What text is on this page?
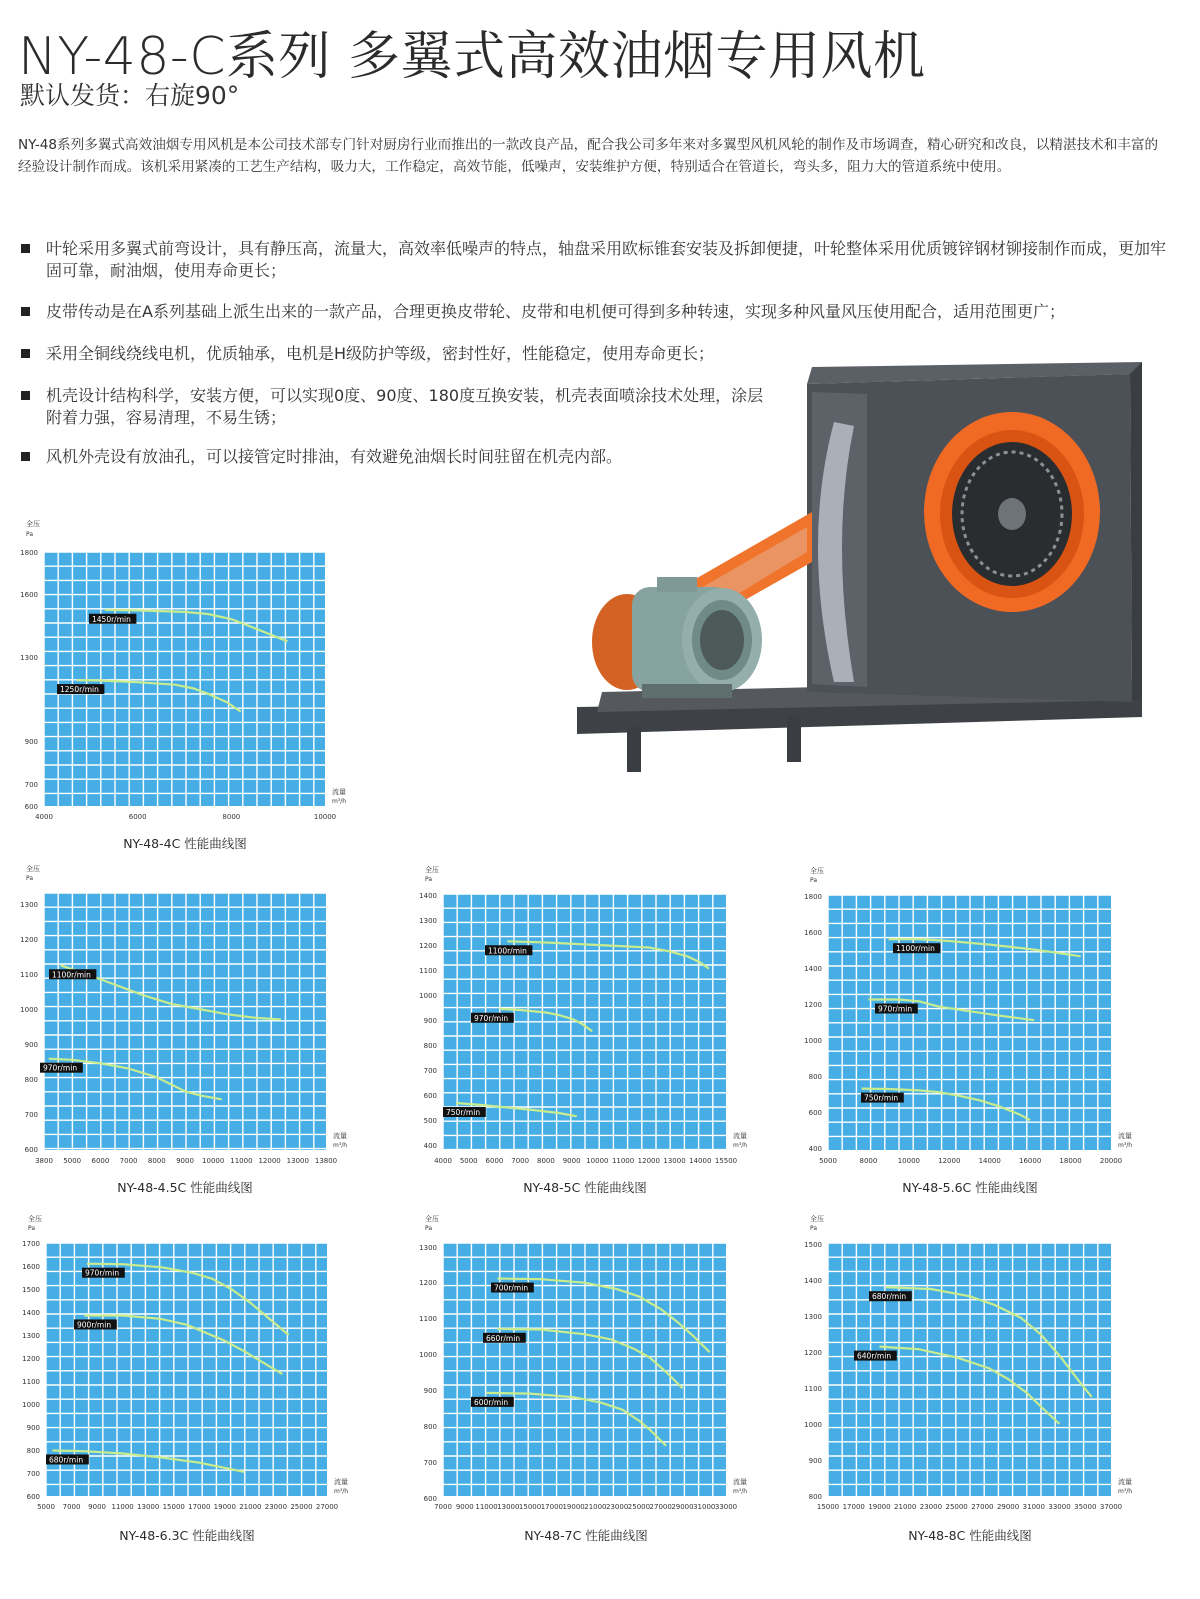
NY-48-C系列 多翼式高效油烟专用风机
默认发货：右旋90°
NY-48系列多翼式高效油烟专用风机是本公司技术部专门针对厨房行业而推出的一款改良产品，配合我公司多年来对多翼型风机风轮的制作及市场调查，精心研究和改良，以精湛技术和丰富的经验设计制作而成。该机采用紧凑的工艺生产结构，吸力大，工作稳定，高效节能，低噪声，安装维护方便，特别适合在管道长，弯头多，阻力大的管道系统中使用。
叶轮采用多翼式前弯设计，具有静压高，流量大，高效率低噪声的特点，轴盘采用欧标锥套安装及拆卸便捷，叶轮整体采用优质镀锌钢材铆接制作而成，更加牢固可靠，耐油烟，使用寿命更长；
皮带传动是在A系列基础上派生出来的一款产品，合理更换皮带轮、皮带和电机便可得到多种转速，实现多种风量风压使用配合，适用范围更广；
采用全铜线绕线电机，优质轴承，电机是H级防护等级，密封性好，性能稳定，使用寿命更长；
机壳设计结构科学，安装方便，可以实现0度、90度、180度互换安装，机壳表面喷涂技术处理，涂层附着力强，容易清理，不易生锈；
风机外壳设有放油孔，可以接管定时排油，有效避免油烟长时间驻留在机壳内部。
全压
Pa
流量
m³/h
1800
1600
1300
900
700
600
4000	6000	8000	10000
1450r/min
1250r/min
NY-48-4C 性能曲线图
全压
Pa
流量
m³/h
1300
1200
1100
1000
900
800
700
600
3800 5000 6000 7000 8000 9000 10000 11000 12000 13000 13800
1100r/min
970r/min
NY-48-4.5C 性能曲线图
全压
Pa
流量
m³/h
1400
1300
1200
1100
1000
900
800
700
600
500
400
4000 5000 6000 7000 8000 9000 10000 11000 12000 13000 14000 15500
1100r/min
970r/min
750r/min
NY-48-5C 性能曲线图
全压
Pa
流量
m³/h
1800
1600
1400
1200
1000
800
600
400
5000	8000	10000	12000	14000	16000	18000	20000
1100r/min
970r/min
750r/min
NY-48-5.6C 性能曲线图
全压
Pa
流量
m³/h
1700
1600
1500
1400
1300
1200
1100
1000
900
800
700
600
5000 7000 9000 11000 13000 15000 17000 19000 21000 23000 25000 27000
970r/min
900r/min
680r/min
NY-48-6.3C 性能曲线图
全压
Pa
流量
m³/h
1300
1200
1100
1000
900
800
700
600
7000 9000 11000 13000 15000 17000 19000 21000 23000 25000 27000 29000 31000 33000
700r/min
660r/min
600r/min
NY-48-7C 性能曲线图
全压
Pa
流量
m³/h
1500
1400
1300
1200
1100
1000
900
800
15000 17000 19000 21000 23000 25000 27000 29000 31000 33000 35000 37000
680r/min
640r/min
NY-48-8C 性能曲线图
